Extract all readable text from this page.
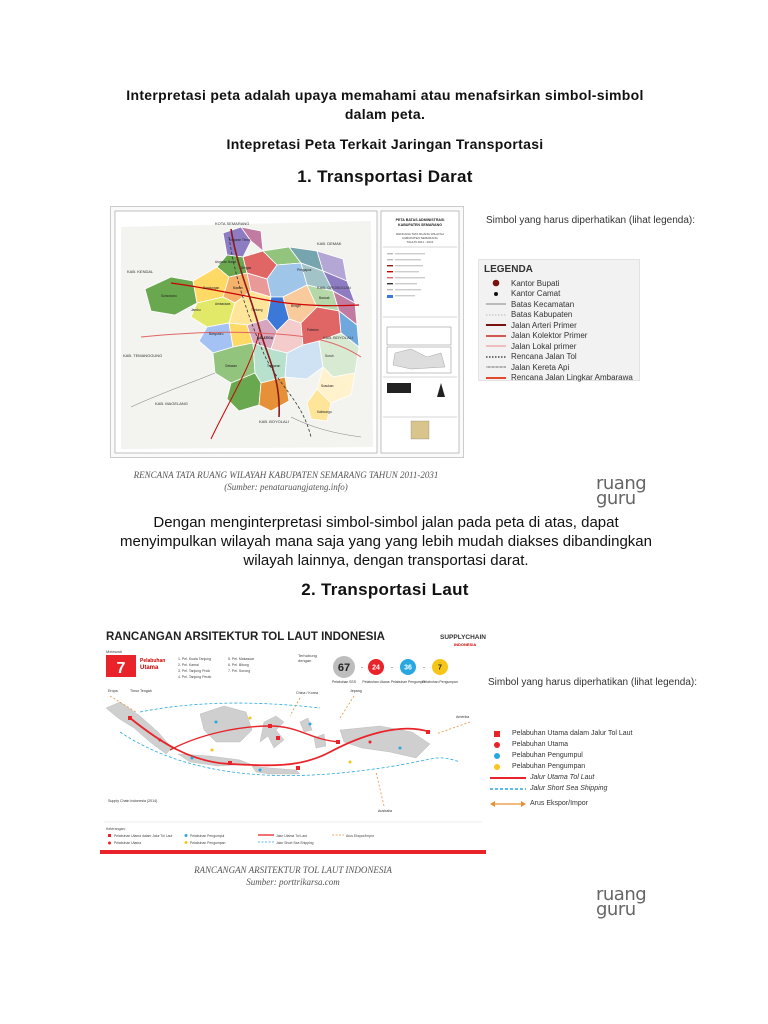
Interpretasi peta adalah upaya memahami atau menafsirkan simbol-simbol
dalam peta.
Intepretasi Peta Terkait Jaringan Transportasi
1. Transportasi Darat
KOTA SEMARANG
KAB. DEMAK
KAB. KENDAL
KAB. GROBOGAN
KAB. TEMANGGUNG
KAB. BOYOLALI
KAB. MAGELANG
KAB. BOYOLALI
Ungaran Timur
Ungaran Barat
Bergas
Bawen
Ambarawa
Jambu
Banyubiru
Tuntang
Bringin
Bancak
Pabelan
Suruh
Tengaran
Getasan
SALATIGA
Susukan
Kaliwungu
Pringapus
Bandungan
Sumowono
PETA BATAS ADMINISTRASI
KABUPATEN SEMARANG
RENCANA TATA RUANG WILAYAH
KABUPATEN SEMARANG
TAHUN 2011 - 2031
RENCANA TATA RUANG WILAYAH KABUPATEN SEMARANG TAHUN 2011-2031
(Sumber: penataruangjateng.info)
Simbol yang harus diperhatikan (lihat legenda):
LEGENDA
Kantor Bupati
Kantor Camat
Batas Kecamatan
Batas Kabupaten
Jalan Arteri Primer
Jalan Kolektor Primer
Jalan Lokal primer
Rencana Jalan Tol
Jalan Kereta Api
Rencana Jalan Lingkar Ambarawa
ruang
guru
Dengan menginterpretasi simbol-simbol jalan pada peta di atas, dapat
menyimpulkan wilayah mana saja yang yang lebih mudah diakses dibandingkan
wilayah lainnya, dengan transportasi darat.
2. Transportasi Laut
RANCANGAN ARSITEKTUR TOL LAUT INDONESIA	SUPPLYCHAIN
INDONESIA
Melewati
7	Pelabuhan
Utama
1. Pel. Kuala Tanjung
2. Pel. Kamai
3. Pel. Tanjung Priok
4. Pel. Tanjung Perak
5. Pel. Makassar
6. Pel. Bitung
7. Pel. Sorong
Terhubung
dengan
67
Pelabuhan SSS
- 24
Pelabuhan Utama
- 36
Pelabuhan Pengumpul
- 7
Pelabuhan Pengumpan
Eropa	Timur Tengah	China / Korea	Jepang
Amerika
Australia
Supply Chain Indonesia (2014)
Keterangan:
Pelabuhan Utama dalam Jalur Tol Laut
Pelabuhan Utama
Pelabuhan Pengumpul
Pelabuhan Pengumpan
Jalur Utama Tol Laut
Jalur Short Sea Shipping
Arus Ekspor/Impor
RANCANGAN ARSITEKTUR TOL LAUT INDONESIA
Sumber: porttrikarsa.com
Simbol yang harus diperhatikan (lihat legenda):
Pelabuhan Utama dalam Jalur Tol Laut
Pelabuhan Utama
Pelabuhan Pengumpul
Pelabuhan Pengumpan
Jalur Utama Tol Laut
Jalur Short Sea Shipping
Arus Ekspor/Impor
ruang
guru
